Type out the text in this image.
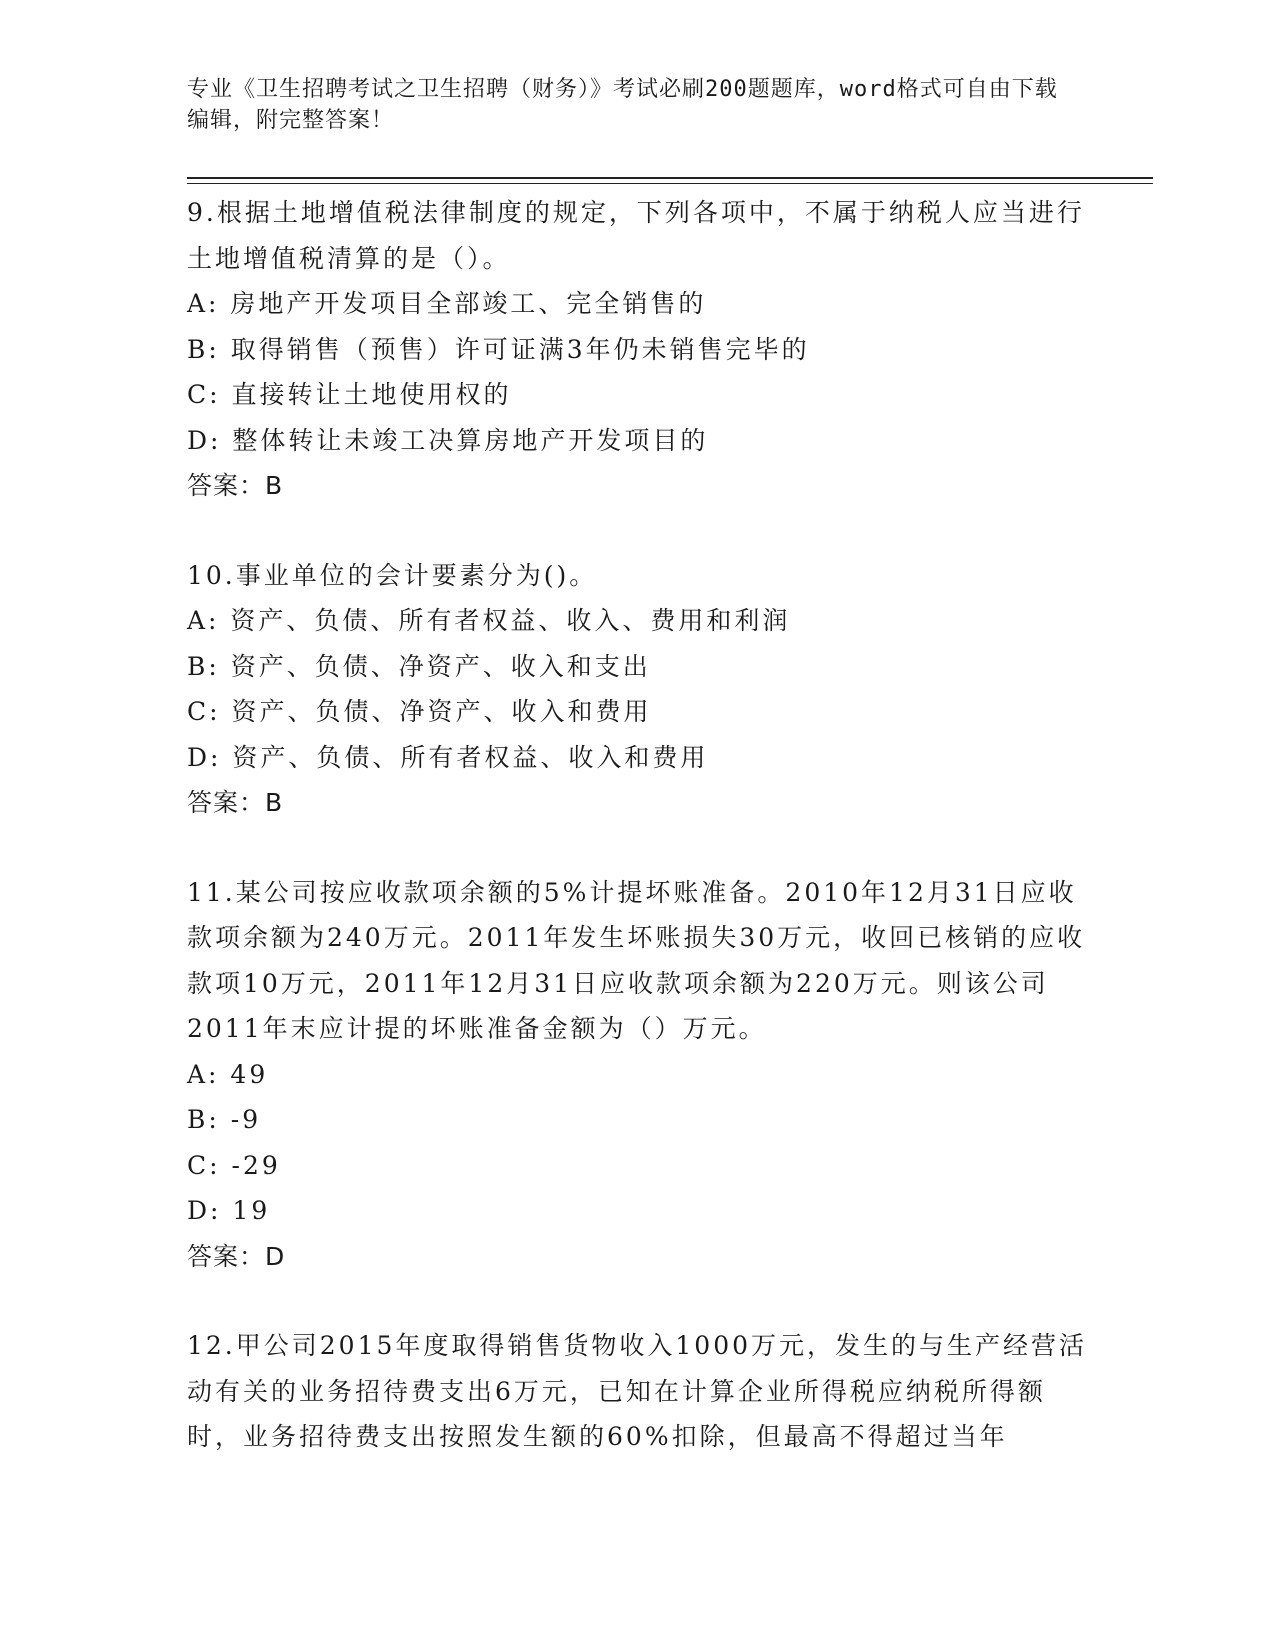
专业《卫生招聘考试之卫生招聘（财务）》考试必刷200题题库，word格式可自由下载编辑，附完整答案！
9.根据土地增值税法律制度的规定，下列各项中，不属于纳税人应当进行土地增值税清算的是（）。
A: 房地产开发项目全部竣工、完全销售的
B: 取得销售（预售）许可证满3年仍未销售完毕的
C: 直接转让土地使用权的
D: 整体转让未竣工决算房地产开发项目的
答案：B
10.事业单位的会计要素分为()。
A: 资产、负债、所有者权益、收入、费用和利润
B: 资产、负债、净资产、收入和支出
C: 资产、负债、净资产、收入和费用
D: 资产、负债、所有者权益、收入和费用
答案：B
11.某公司按应收款项余额的5%计提坏账准备。2010年12月31日应收款项余额为240万元。2011年发生坏账损失30万元，收回已核销的应收款项10万元，2011年12月31日应收款项余额为220万元。则该公司2011年末应计提的坏账准备金额为（）万元。
A: 49
B: -9
C: -29
D: 19
答案：D
12.甲公司2015年度取得销售货物收入1000万元，发生的与生产经营活动有关的业务招待费支出6万元，已知在计算企业所得税应纳税所得额时，业务招待费支出按照发生额的60%扣除，但最高不得超过当年
